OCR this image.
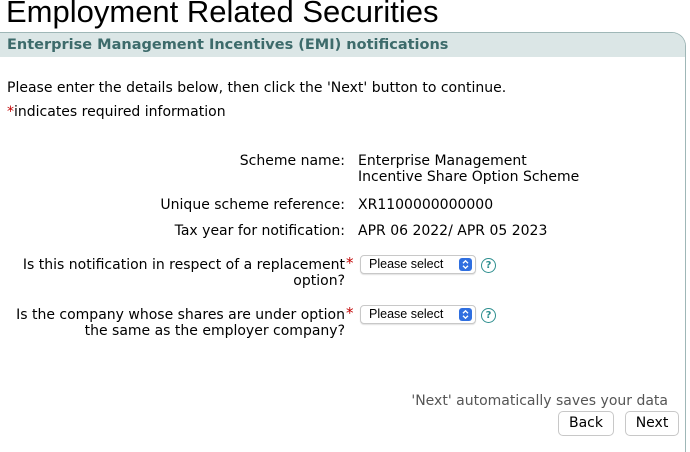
Employment Related Securities
Enterprise Management Incentives (EMI) notifications
Please enter the details below, then click the 'Next' button to continue.
*indicates required information
Scheme name: Enterprise Management
Incentive Share Option Scheme
Unique scheme reference: XR1100000000000
Tax year for notification: APR 06 2022/ APR 05 2023
Is this notification in respect of a replacement
option?
*	Please select	?
Is the company whose shares are under option
the same as the employer company?
*	Please select	?
'Next' automatically saves your data
Back	Next
